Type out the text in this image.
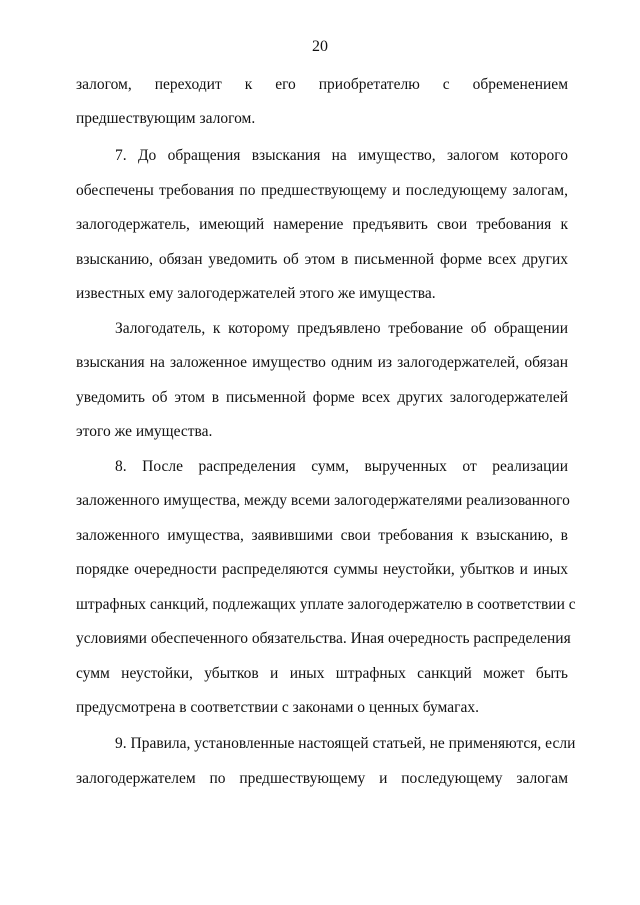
20
залогом, переходит к его приобретателю с обременением
предшествующим залогом.
7. До обращения взыскания на имущество, залогом которого
обеспечены требования по предшествующему и последующему залогам,
залогодержатель, имеющий намерение предъявить свои требования к
взысканию, обязан уведомить об этом в письменной форме всех других
известных ему залогодержателей этого же имущества.
Залогодатель, к которому предъявлено требование об обращении
взыскания на заложенное имущество одним из залогодержателей, обязан
уведомить об этом в письменной форме всех других залогодержателей
этого же имущества.
8. После распределения сумм, вырученных от реализации
заложенного имущества, между всеми залогодержателями реализованного
заложенного имущества, заявившими свои требования к взысканию, в
порядке очередности распределяются суммы неустойки, убытков и иных
штрафных санкций, подлежащих уплате залогодержателю в соответствии с
условиями обеспеченного обязательства. Иная очередность распределения
сумм неустойки, убытков и иных штрафных санкций может быть
предусмотрена в соответствии с законами о ценных бумагах.
9. Правила, установленные настоящей статьей, не применяются, если
залогодержателем по предшествующему и последующему залогам
